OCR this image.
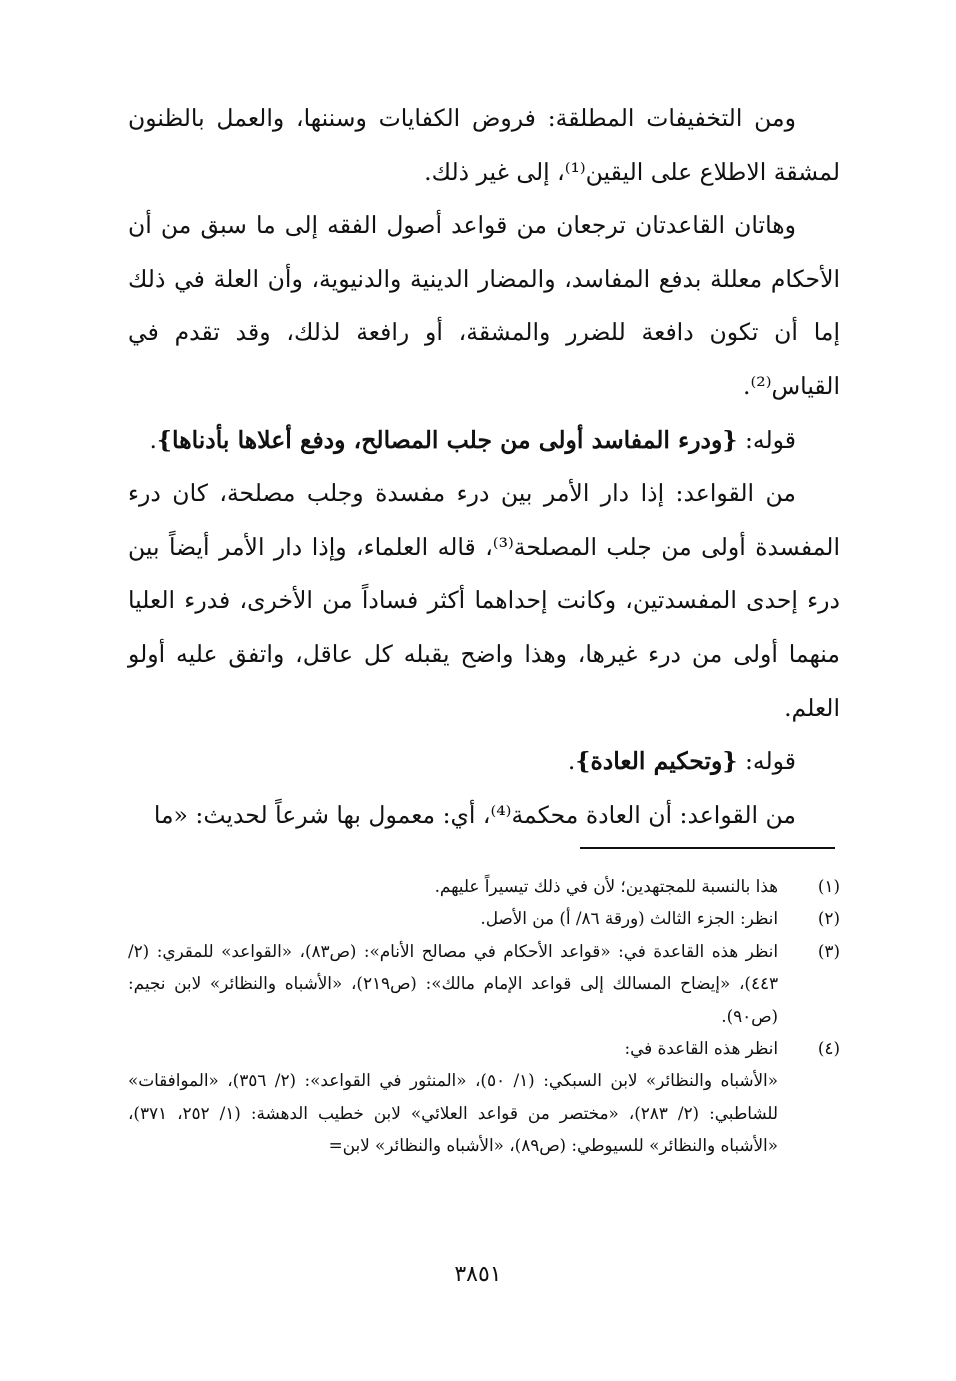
ومن التخفيفات المطلقة: فروض الكفايات وسننها، والعمل بالظنون لمشقة الاطلاع على اليقين⁽¹⁾، إلى غير ذلك.

وهاتان القاعدتان ترجعان من قواعد أصول الفقه إلى ما سبق من أن الأحكام معللة بدفع المفاسد، والمضار الدينية والدنيوية، وأن العلة في ذلك إما أن تكون دافعة للضرر والمشقة، أو رافعة لذلك، وقد تقدم في القياس⁽²⁾.

قوله: {ودرء المفاسد أولى من جلب المصالح، ودفع أعلاها بأدناها}.

من القواعد: إذا دار الأمر بين درء مفسدة وجلب مصلحة، كان درء المفسدة أولى من جلب المصلحة⁽³⁾، قاله العلماء، وإذا دار الأمر أيضاً بين درء إحدى المفسدتين، وكانت إحداهما أكثر فساداً من الأخرى، فدرء العليا منهما أولى من درء غيرها، وهذا واضح يقبله كل عاقل، واتفق عليه أولو العلم.

قوله: {وتحكيم العادة}.

من القواعد: أن العادة محكمة⁽⁴⁾، أي: معمول بها شرعاً لحديث: «ما

(١)
هذا بالنسبة للمجتهدين؛ لأن في ذلك تيسيراً عليهم.
(٢)
انظر: الجزء الثالث (ورقة ٨٦/ أ) من الأصل.
(٣)
انظر هذه القاعدة في: «قواعد الأحكام في مصالح الأنام»: (ص٨٣)، «القواعد» للمقري: (٢/ ٤٤٣)، «إيضاح المسالك إلى قواعد الإمام مالك»: (ص٢١٩)، «الأشباه والنظائر» لابن نجيم: (ص٩٠).
(٤)
انظر هذه القاعدة في:
«الأشباه والنظائر» لابن السبكي: (١/ ٥٠)، «المنثور في القواعد»: (٢/ ٣٥٦)، «الموافقات» للشاطبي: (٢/ ٢٨٣)، «مختصر من قواعد العلائي» لابن خطيب الدهشة: (١/ ٢٥٢، ٣٧١)، «الأشباه والنظائر» للسيوطي: (ص٨٩)، «الأشباه والنظائر» لابن=
٣٨٥١
